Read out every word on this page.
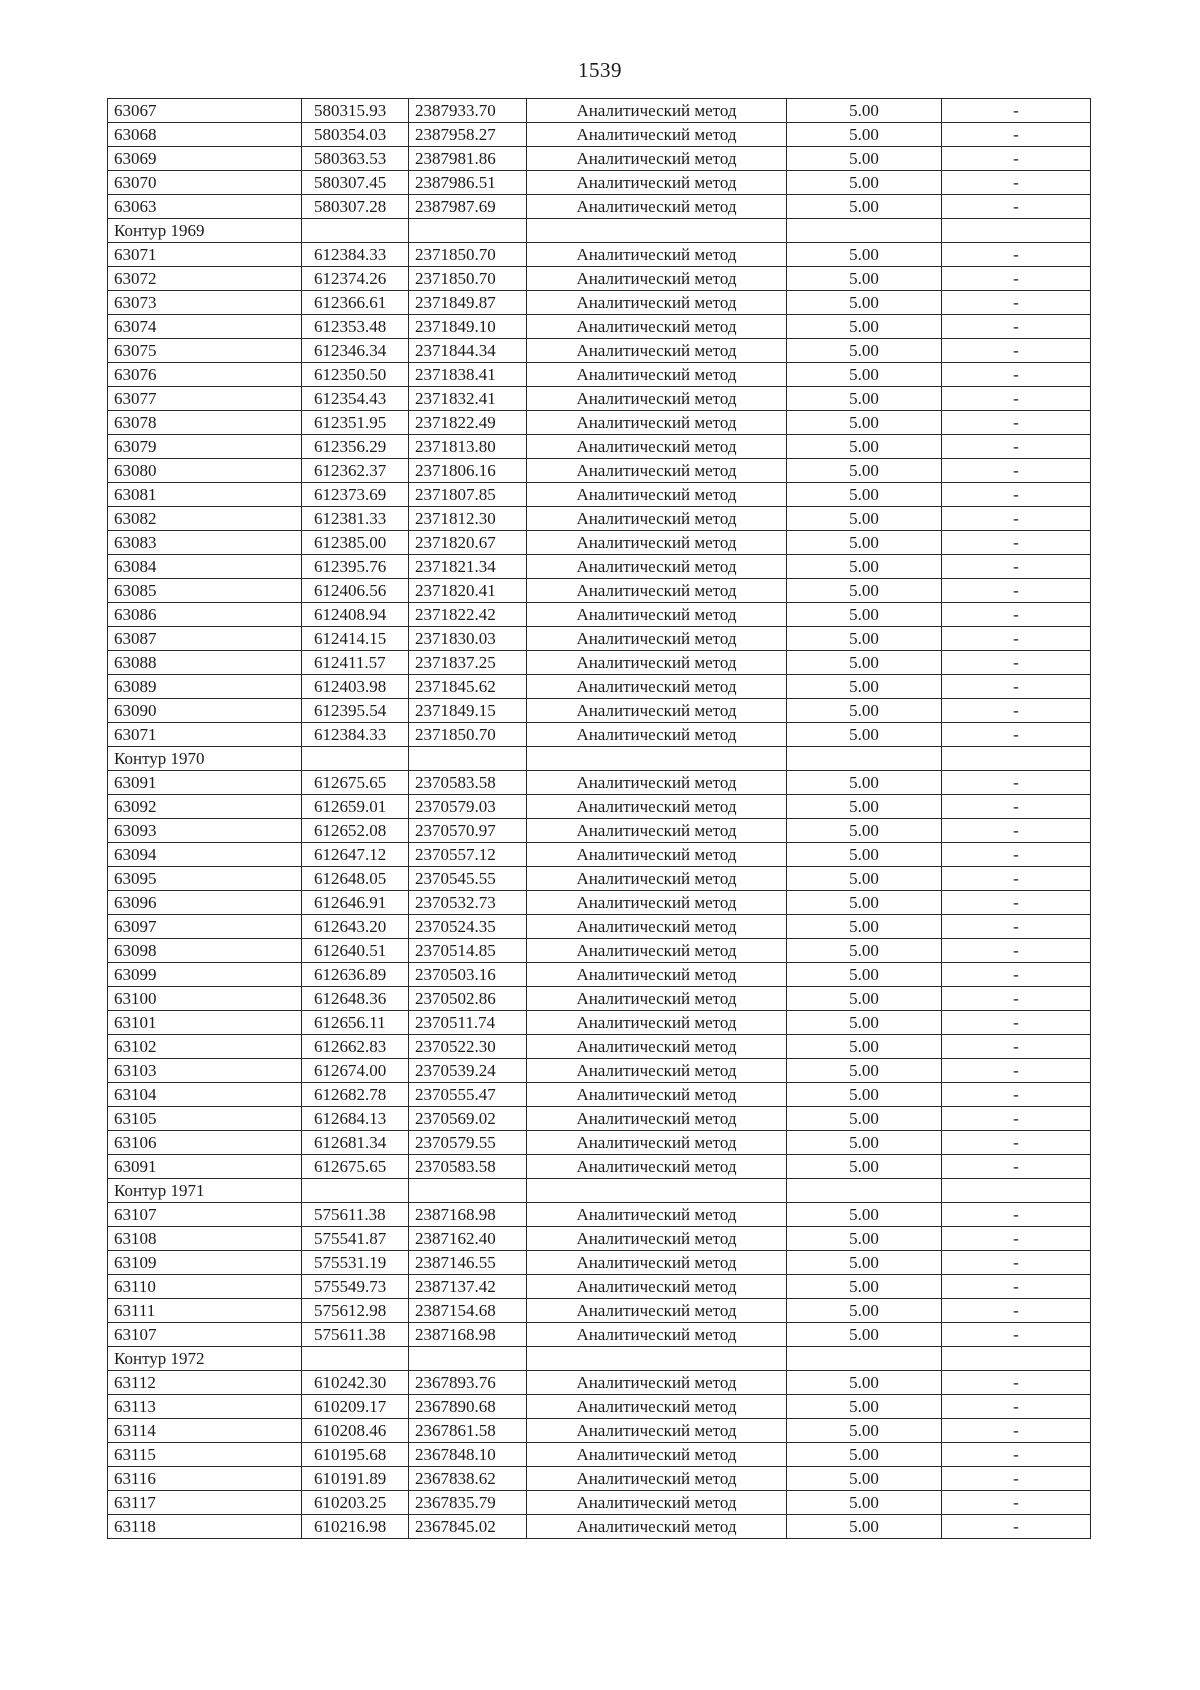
1539
63067	580315.93	2387933.70	Аналитический метод	5.00	-
63068	580354.03	2387958.27	Аналитический метод	5.00	-
63069	580363.53	2387981.86	Аналитический метод	5.00	-
63070	580307.45	2387986.51	Аналитический метод	5.00	-
63063	580307.28	2387987.69	Аналитический метод	5.00	-
Контур 1969					
63071	612384.33	2371850.70	Аналитический метод	5.00	-
63072	612374.26	2371850.70	Аналитический метод	5.00	-
63073	612366.61	2371849.87	Аналитический метод	5.00	-
63074	612353.48	2371849.10	Аналитический метод	5.00	-
63075	612346.34	2371844.34	Аналитический метод	5.00	-
63076	612350.50	2371838.41	Аналитический метод	5.00	-
63077	612354.43	2371832.41	Аналитический метод	5.00	-
63078	612351.95	2371822.49	Аналитический метод	5.00	-
63079	612356.29	2371813.80	Аналитический метод	5.00	-
63080	612362.37	2371806.16	Аналитический метод	5.00	-
63081	612373.69	2371807.85	Аналитический метод	5.00	-
63082	612381.33	2371812.30	Аналитический метод	5.00	-
63083	612385.00	2371820.67	Аналитический метод	5.00	-
63084	612395.76	2371821.34	Аналитический метод	5.00	-
63085	612406.56	2371820.41	Аналитический метод	5.00	-
63086	612408.94	2371822.42	Аналитический метод	5.00	-
63087	612414.15	2371830.03	Аналитический метод	5.00	-
63088	612411.57	2371837.25	Аналитический метод	5.00	-
63089	612403.98	2371845.62	Аналитический метод	5.00	-
63090	612395.54	2371849.15	Аналитический метод	5.00	-
63071	612384.33	2371850.70	Аналитический метод	5.00	-
Контур 1970					
63091	612675.65	2370583.58	Аналитический метод	5.00	-
63092	612659.01	2370579.03	Аналитический метод	5.00	-
63093	612652.08	2370570.97	Аналитический метод	5.00	-
63094	612647.12	2370557.12	Аналитический метод	5.00	-
63095	612648.05	2370545.55	Аналитический метод	5.00	-
63096	612646.91	2370532.73	Аналитический метод	5.00	-
63097	612643.20	2370524.35	Аналитический метод	5.00	-
63098	612640.51	2370514.85	Аналитический метод	5.00	-
63099	612636.89	2370503.16	Аналитический метод	5.00	-
63100	612648.36	2370502.86	Аналитический метод	5.00	-
63101	612656.11	2370511.74	Аналитический метод	5.00	-
63102	612662.83	2370522.30	Аналитический метод	5.00	-
63103	612674.00	2370539.24	Аналитический метод	5.00	-
63104	612682.78	2370555.47	Аналитический метод	5.00	-
63105	612684.13	2370569.02	Аналитический метод	5.00	-
63106	612681.34	2370579.55	Аналитический метод	5.00	-
63091	612675.65	2370583.58	Аналитический метод	5.00	-
Контур 1971					
63107	575611.38	2387168.98	Аналитический метод	5.00	-
63108	575541.87	2387162.40	Аналитический метод	5.00	-
63109	575531.19	2387146.55	Аналитический метод	5.00	-
63110	575549.73	2387137.42	Аналитический метод	5.00	-
63111	575612.98	2387154.68	Аналитический метод	5.00	-
63107	575611.38	2387168.98	Аналитический метод	5.00	-
Контур 1972					
63112	610242.30	2367893.76	Аналитический метод	5.00	-
63113	610209.17	2367890.68	Аналитический метод	5.00	-
63114	610208.46	2367861.58	Аналитический метод	5.00	-
63115	610195.68	2367848.10	Аналитический метод	5.00	-
63116	610191.89	2367838.62	Аналитический метод	5.00	-
63117	610203.25	2367835.79	Аналитический метод	5.00	-
63118	610216.98	2367845.02	Аналитический метод	5.00	-
